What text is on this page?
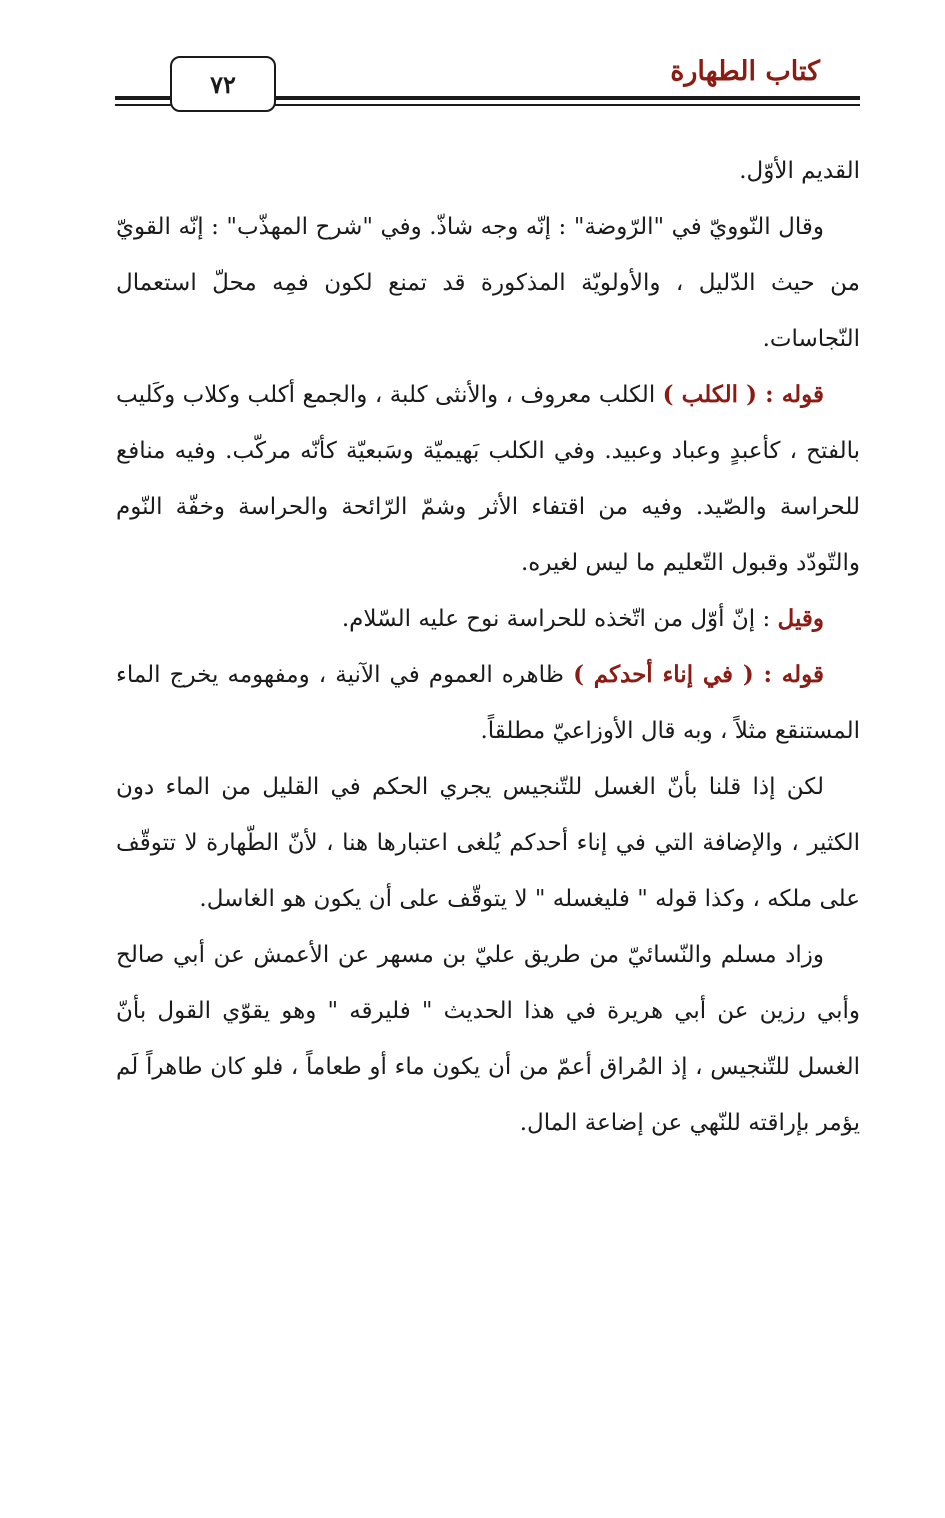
كتاب الطهارة
٧٢

القديم الأوّل.

وقال النّوويّ في "الرّوضة" : إنّه وجه شاذّ. وفي "شرح المهذّب" : إنّه القويّ من حيث الدّليل ، والأولويّة المذكورة قد تمنع لكون فمِه محلّ استعمال النّجاسات.

قوله : ( الكلب ) الكلب معروف ، والأنثى كلبة ، والجمع أكلب وكلاب وكَليب بالفتح ، كأعبدٍ وعباد وعبيد. وفي الكلب بَهيميّة وسَبعيّة كأنّه مركّب. وفيه منافع للحراسة والصّيد. وفيه من اقتفاء الأثر وشمّ الرّائحة والحراسة وخفّة النّوم والتّودّد وقبول التّعليم ما ليس لغيره.

وقيل : إنّ أوّل من اتّخذه للحراسة نوح عليه السّلام.

قوله : ( في إناء أحدكم ) ظاهره العموم في الآنية ، ومفهومه يخرج الماء المستنقع مثلاً ، وبه قال الأوزاعيّ مطلقاً.

لكن إذا قلنا بأنّ الغسل للتّنجيس يجري الحكم في القليل من الماء دون الكثير ، والإضافة التي في إناء أحدكم يُلغى اعتبارها هنا ، لأنّ الطّهارة لا تتوقّف على ملكه ، وكذا قوله " فليغسله " لا يتوقّف على أن يكون هو الغاسل.

وزاد مسلم والنّسائيّ من طريق عليّ بن مسهر عن الأعمش عن أبي صالح وأبي رزين عن أبي هريرة في هذا الحديث " فليرقه " وهو يقوّي القول بأنّ الغسل للتّنجيس ، إذ المُراق أعمّ من أن يكون ماء أو طعاماً ، فلو كان طاهراً لَم يؤمر بإراقته للنّهي عن إضاعة المال.
